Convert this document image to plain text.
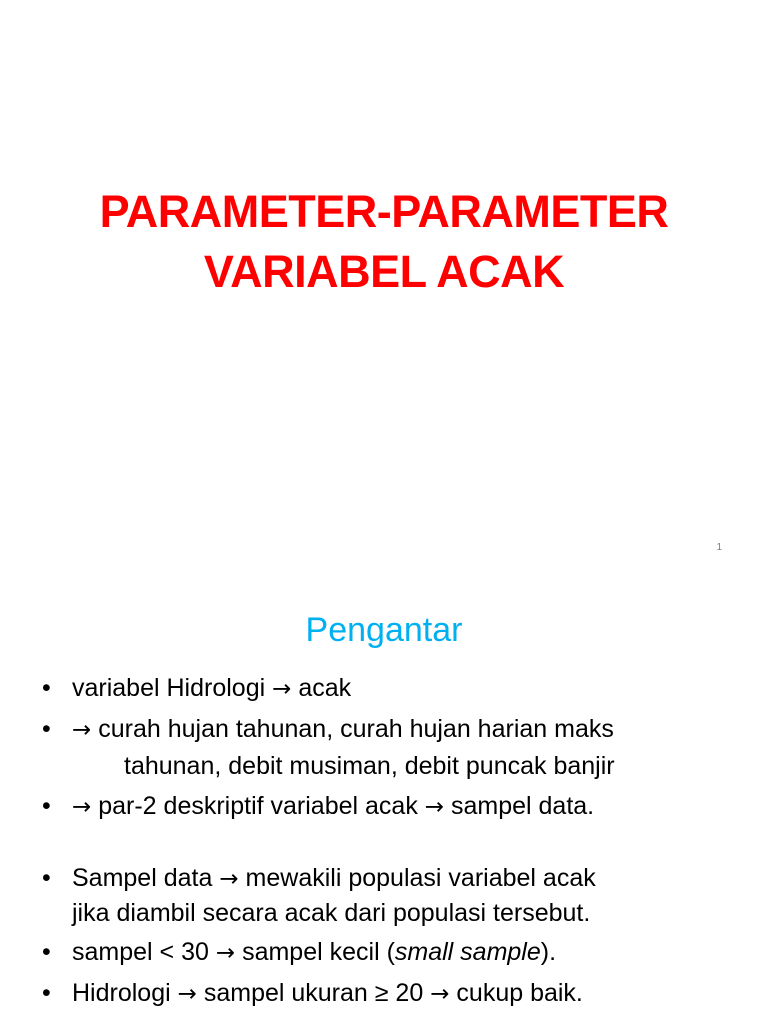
PARAMETER-PARAMETER
VARIABEL ACAK
1
Pengantar
• variabel Hidrologi → acak
• → curah hujan tahunan, curah hujan harian maks
tahunan, debit musiman, debit puncak banjir
• → par-2 deskriptif variabel acak → sampel data.
• Sampel data → mewakili populasi variabel acak
jika diambil secara acak dari populasi tersebut.
• sampel < 30 → sampel kecil (small sample).
• Hidrologi → sampel ukuran ≥ 20 → cukup baik.
